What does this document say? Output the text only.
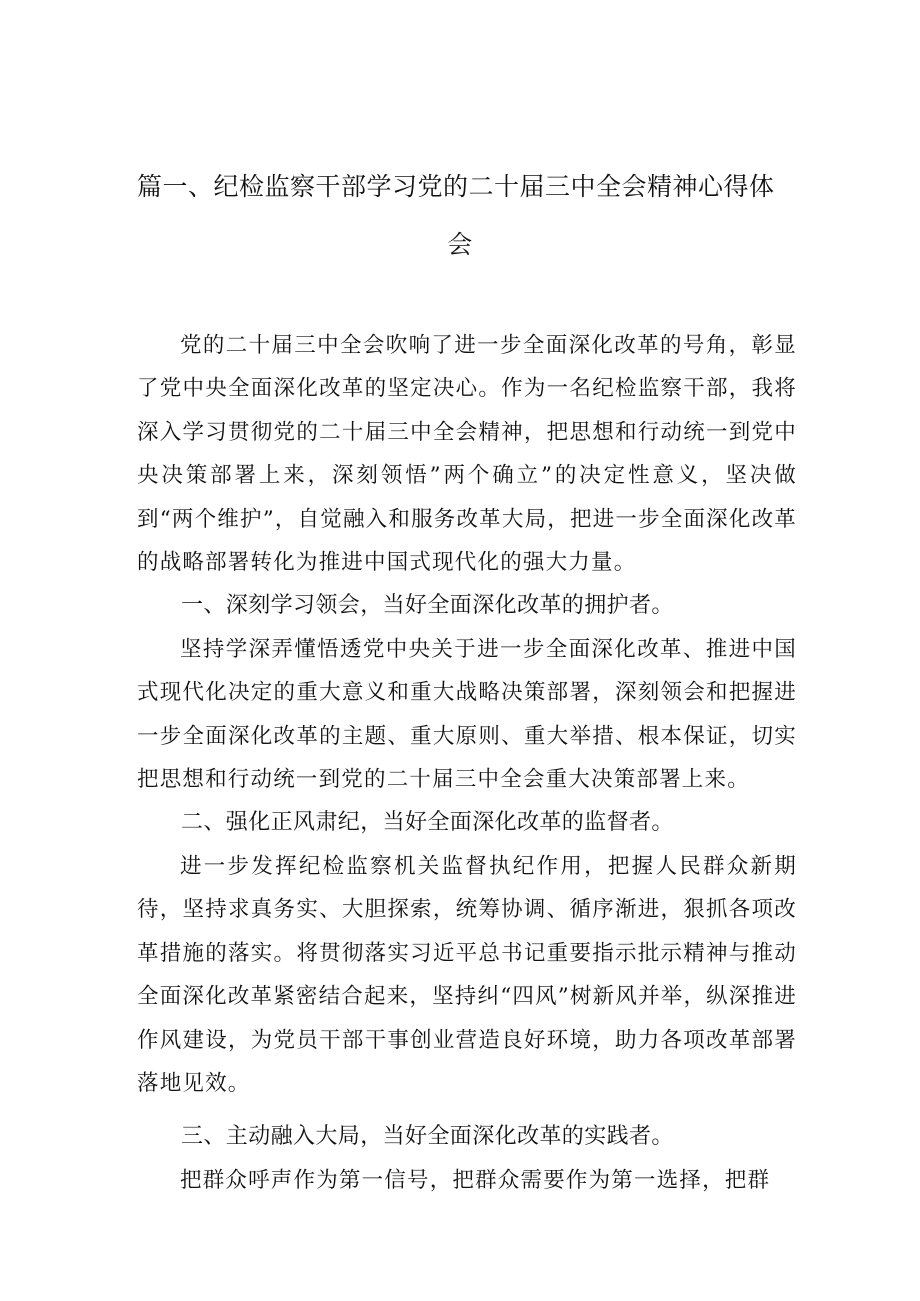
篇一、纪检监察干部学习党的二十届三中全会精神心得体
会

党的二十届三中全会吹响了进一步全面深化改革的号角，彰显了党中央全面深化改革的坚定决心。作为一名纪检监察干部，我将深入学习贯彻党的二十届三中全会精神，把思想和行动统一到党中央决策部署上来，深刻领悟”两个确立”的决定性意义，坚决做到“两个维护”，自觉融入和服务改革大局，把进一步全面深化改革的战略部署转化为推进中国式现代化的强大力量。

一、深刻学习领会，当好全面深化改革的拥护者。

坚持学深弄懂悟透党中央关于进一步全面深化改革、推进中国式现代化决定的重大意义和重大战略决策部署，深刻领会和把握进一步全面深化改革的主题、重大原则、重大举措、根本保证，切实把思想和行动统一到党的二十届三中全会重大决策部署上来。

二、强化正风肃纪，当好全面深化改革的监督者。

进一步发挥纪检监察机关监督执纪作用，把握人民群众新期待，坚持求真务实、大胆探索，统筹协调、循序渐进，狠抓各项改革措施的落实。将贯彻落实习近平总书记重要指示批示精神与推动全面深化改革紧密结合起来，坚持纠“四风”树新风并举，纵深推进作风建设，为党员干部干事创业营造良好环境，助力各项改革部署落地见效。

三、主动融入大局，当好全面深化改革的实践者。

把群众呼声作为第一信号，把群众需要作为第一选择，把群
